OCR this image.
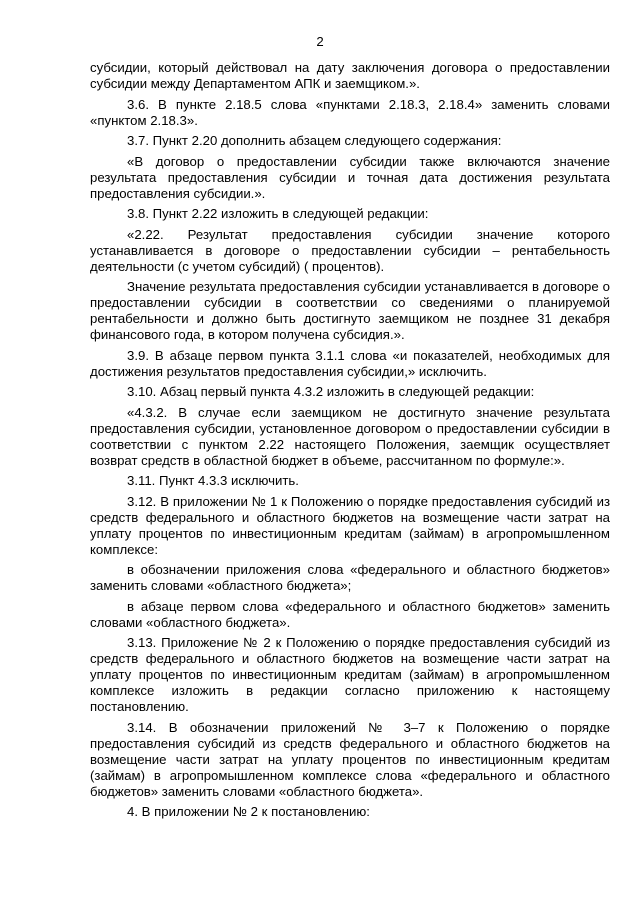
2

субсидии, который действовал на дату заключения договора о предоставлении субсидии между Департаментом АПК и заемщиком.».

3.6. В пункте 2.18.5 слова «пунктами 2.18.3, 2.18.4» заменить словами «пунктом 2.18.3».

3.7. Пункт 2.20 дополнить абзацем следующего содержания:

«В договор о предоставлении субсидии также включаются значение результата предоставления субсидии и точная дата достижения результата предоставления субсидии.».

3.8. Пункт 2.22 изложить в следующей редакции:

«2.22. Результат предоставления субсидии значение которого устанавливается в договоре о предоставлении субсидии – рентабельность деятельности (с учетом субсидий) ( процентов).

Значение результата предоставления субсидии устанавливается в договоре о предоставлении субсидии в соответствии со сведениями о планируемой рентабельности и должно быть достигнуто заемщиком не позднее 31 декабря финансового года, в котором получена субсидия.».

3.9. В абзаце первом пункта 3.1.1 слова «и показателей, необходимых для достижения результатов предоставления субсидии,» исключить.

3.10. Абзац первый пункта 4.3.2 изложить в следующей редакции:

«4.3.2. В случае если заемщиком не достигнуто значение результата предоставления субсидии, установленное договором о предоставлении субсидии в соответствии с пунктом 2.22 настоящего Положения, заемщик осуществляет возврат средств в областной бюджет в объеме, рассчитанном по формуле:».

3.11. Пункт 4.3.3 исключить.

3.12. В приложении № 1 к Положению о порядке предоставления субсидий из средств федерального и областного бюджетов на возмещение части затрат на уплату процентов по инвестиционным кредитам (займам) в агропромышленном комплексе:

в обозначении приложения слова «федерального и областного бюджетов» заменить словами «областного бюджета»;

в абзаце первом слова «федерального и областного бюджетов» заменить словами «областного бюджета».

3.13. Приложение № 2 к Положению о порядке предоставления субсидий из средств федерального и областного бюджетов на возмещение части затрат на уплату процентов по инвестиционным кредитам (займам) в агропромышленном комплексе изложить в редакции согласно приложению к настоящему постановлению.

3.14. В обозначении приложений № 3–7 к Положению о порядке предоставления субсидий из средств федерального и областного бюджетов на возмещение части затрат на уплату процентов по инвестиционным кредитам (займам) в агропромышленном комплексе слова «федерального и областного бюджетов» заменить словами «областного бюджета».

4. В приложении № 2 к постановлению:
